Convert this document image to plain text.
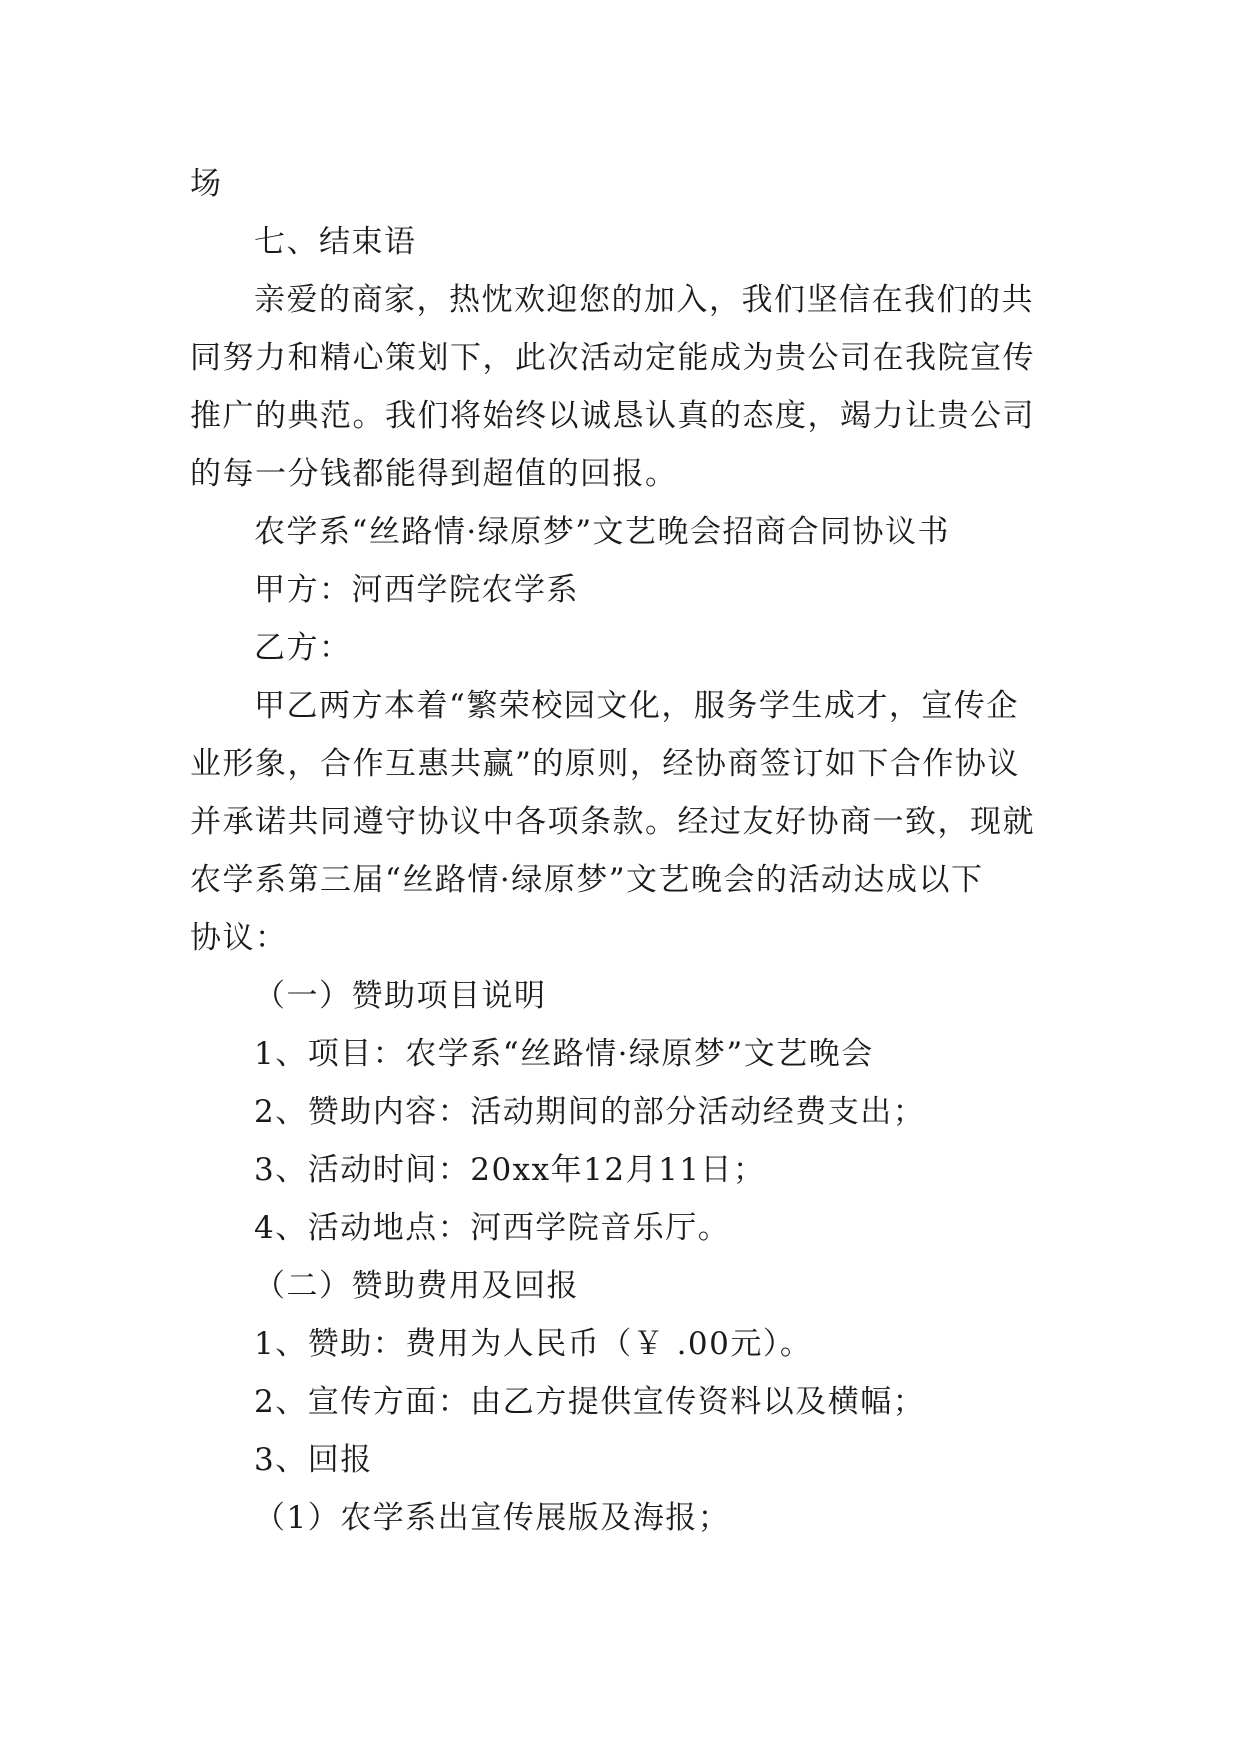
场
七、结束语
亲爱的商家，热忱欢迎您的加入，我们坚信在我们的共
同努力和精心策划下，此次活动定能成为贵公司在我院宣传
推广的典范。我们将始终以诚恳认真的态度，竭力让贵公司
的每一分钱都能得到超值的回报。
农学系“丝路情·绿原梦”文艺晚会招商合同协议书
甲方：河西学院农学系
乙方：
甲乙两方本着“繁荣校园文化，服务学生成才，宣传企
业形象，合作互惠共赢”的原则，经协商签订如下合作协议
并承诺共同遵守协议中各项条款。经过友好协商一致，现就
农学系第三届“丝路情·绿原梦”文艺晚会的活动达成以下
协议：
（一）赞助项目说明
1、项目：农学系“丝路情·绿原梦”文艺晚会
2、赞助内容：活动期间的部分活动经费支出；
3、活动时间：20xx年12月11日；
4、活动地点：河西学院音乐厅。
（二）赞助费用及回报
1、赞助：费用为人民币（￥ .00元）。
2、宣传方面：由乙方提供宣传资料以及横幅；
3、回报
（1）农学系出宣传展版及海报；
